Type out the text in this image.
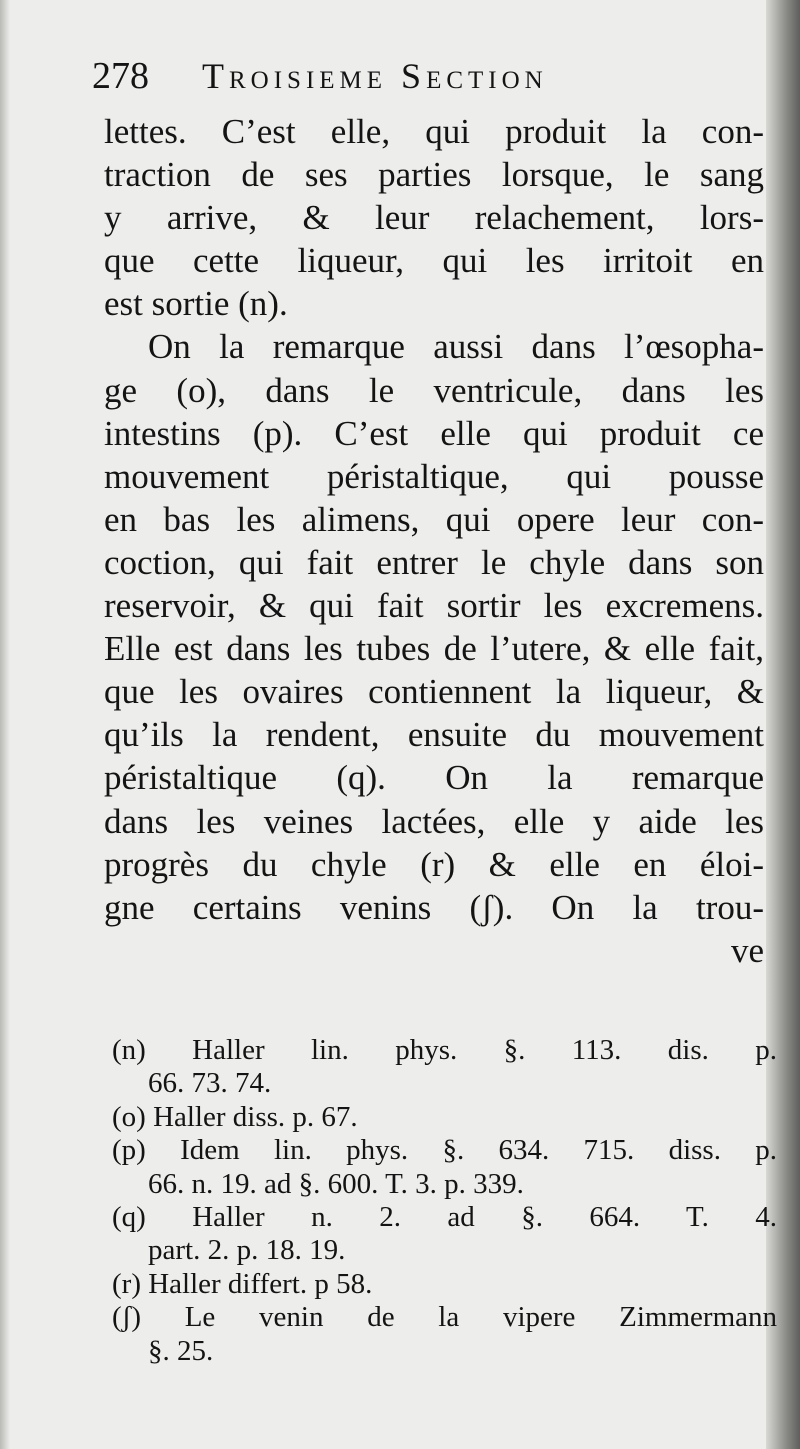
278 Troisieme Section
lettes. C’est elle, qui produit la con-
traction de ses parties lorsque, le sang
y arrive, & leur relachement, lors-
que cette liqueur, qui les irritoit en
est sortie (n).
On la remarque aussi dans l’œsopha-
ge (o), dans le ventricule, dans les
intestins (p). C’est elle qui produit ce
mouvement péristaltique, qui pousse
en bas les alimens, qui opere leur con-
coction, qui fait entrer le chyle dans son
reservoir, & qui fait sortir les excremens.
Elle est dans les tubes de l’utere, & elle fait,
que les ovaires contiennent la liqueur, &
qu’ils la rendent, ensuite du mouvement
péristaltique (q). On la remarque
dans les veines lactées, elle y aide les
progrès du chyle (r) & elle en éloi-
gne certains venins (ʃ). On la trou-
ve
(n) Haller lin. phys. §. 113. dis. p.
66. 73. 74.
(o) Haller diss. p. 67.
(p) Idem lin. phys. §. 634. 715. diss. p.
66. n. 19. ad §. 600. T. 3. p. 339.
(q) Haller n. 2. ad §. 664. T. 4.
part. 2. p. 18. 19.
(r) Haller differt. p 58.
(ʃ) Le venin de la vipere Zimmermann
§. 25.
